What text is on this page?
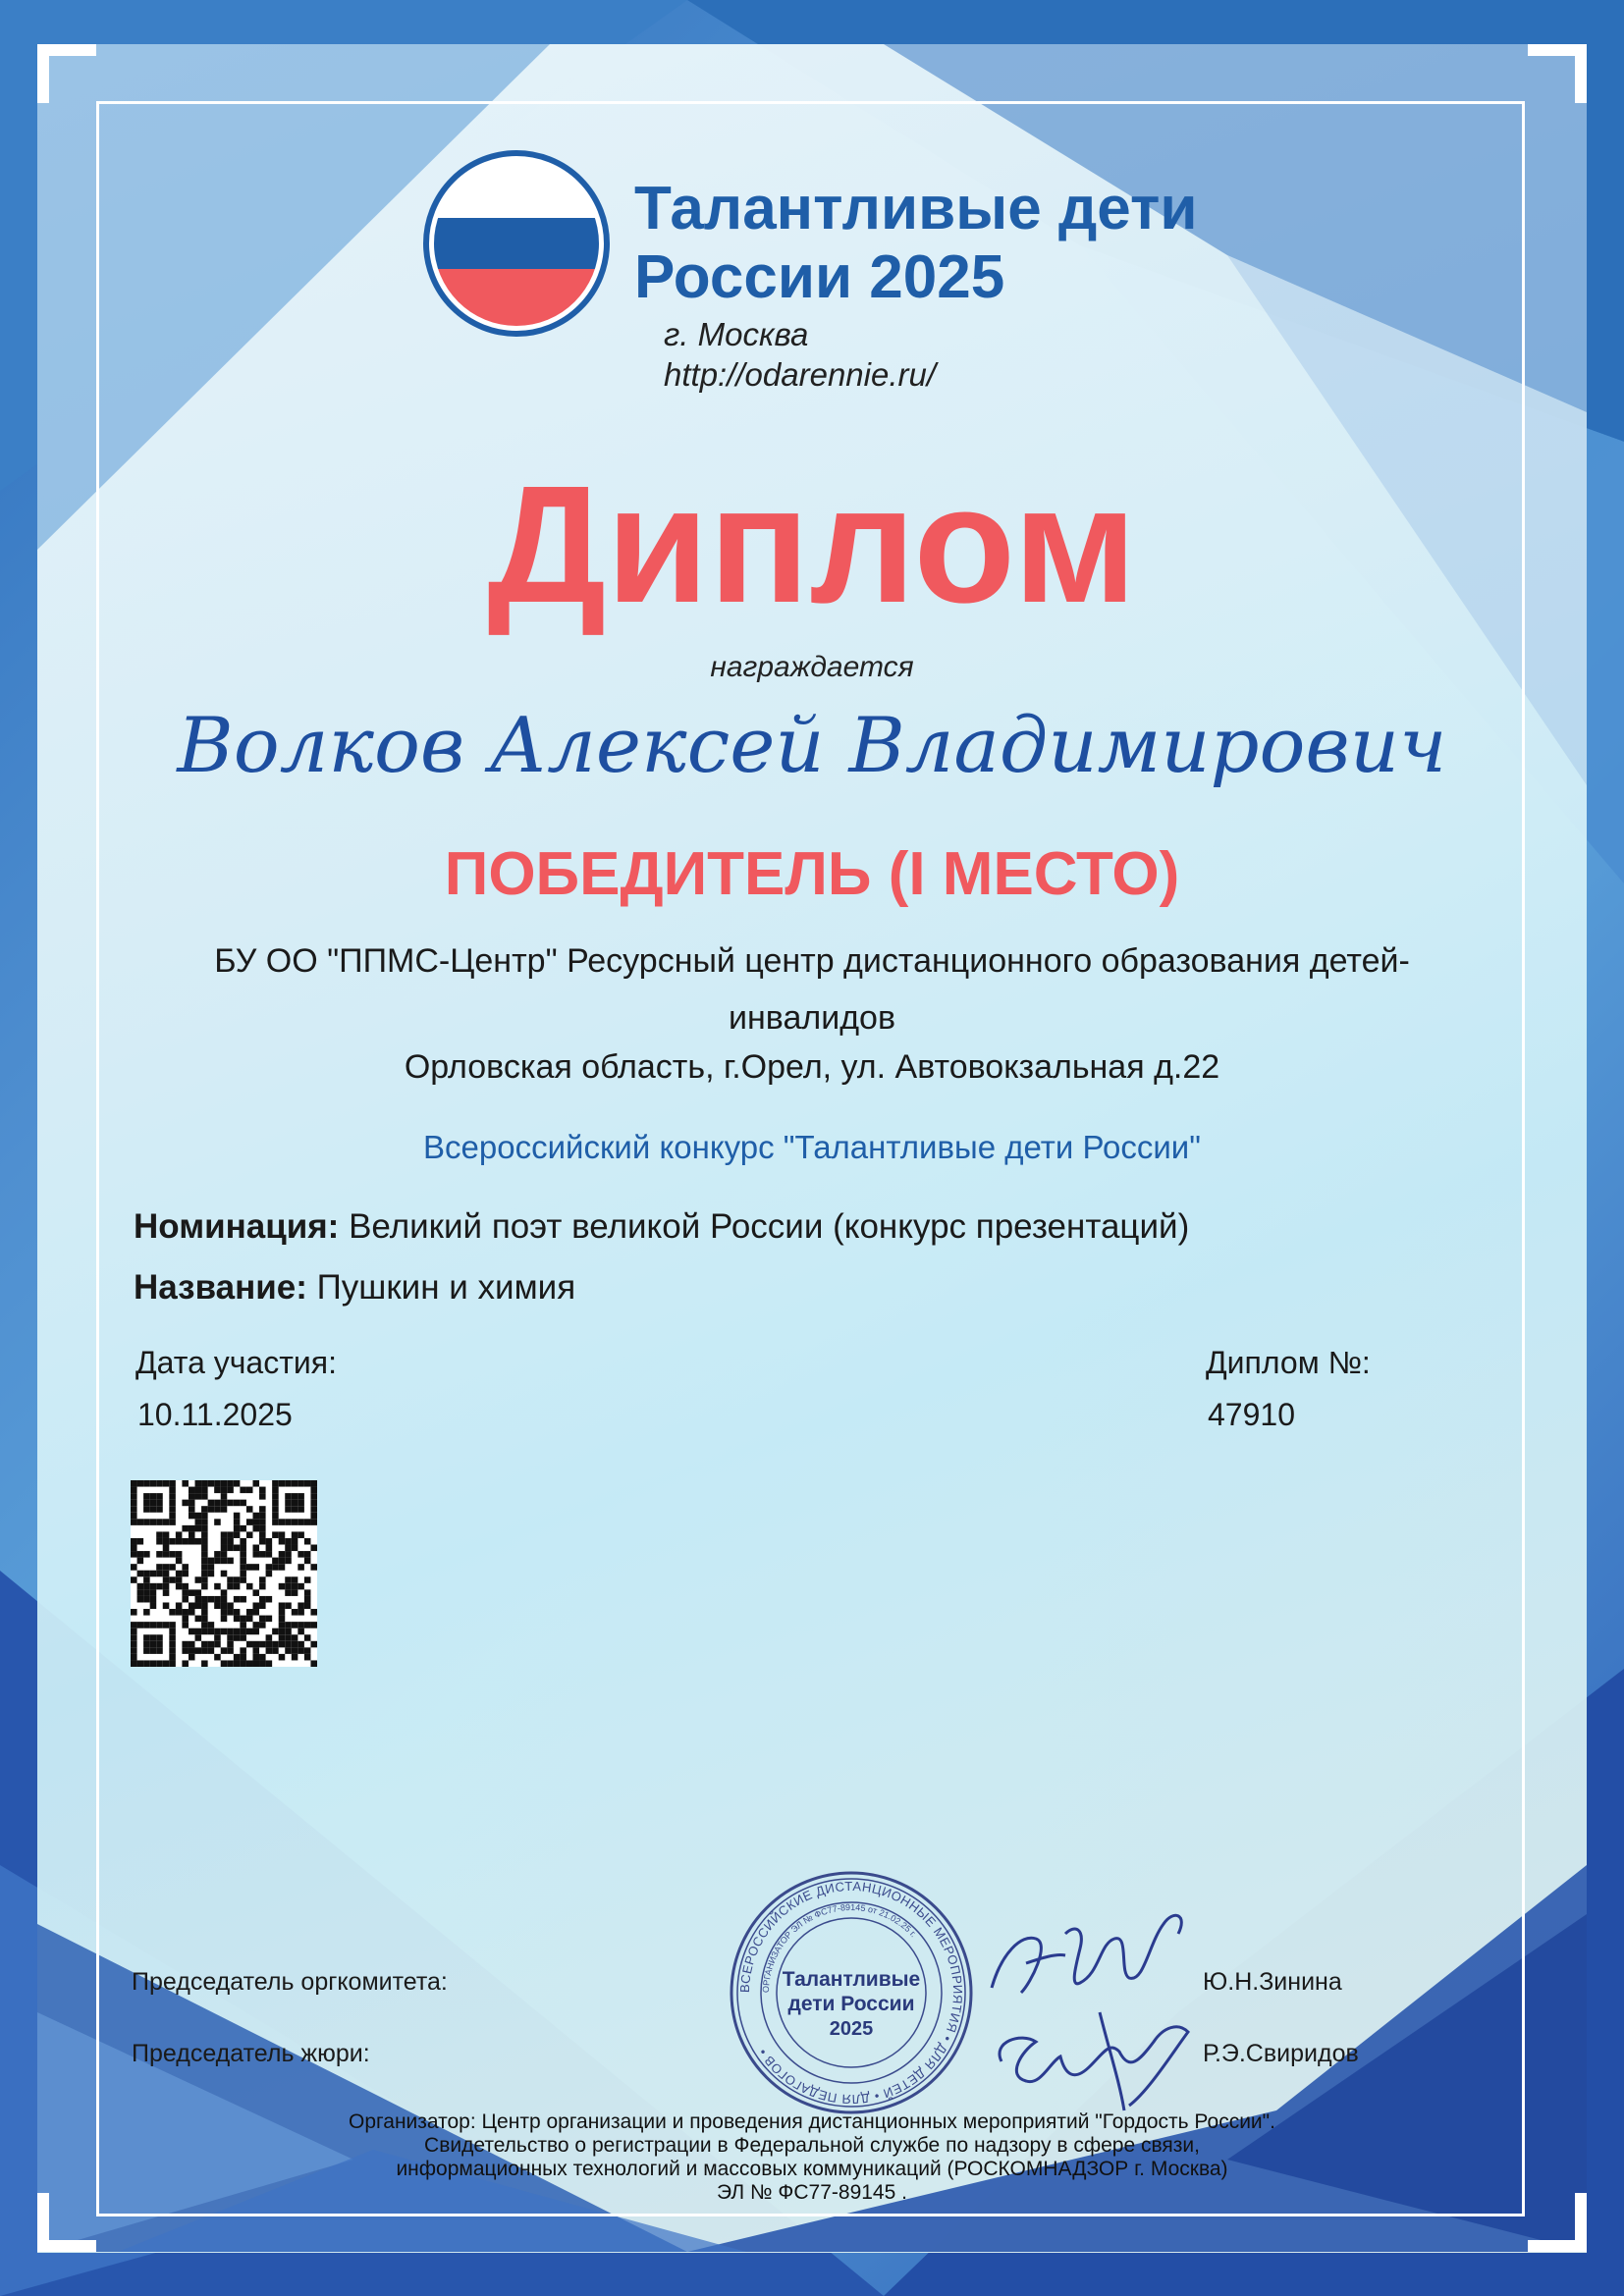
Талантливые дети
России 2025
г. Москва
http://odarennie.ru/
Диплом
награждается
Волков Алексей Владимирович
ПОБЕДИТЕЛЬ (I МЕСТО)
БУ ОО "ППМС-Центр" Ресурсный центр дистанционного образования детей-инвалидов
Орловская область, г.Орел, ул. Автовокзальная д.22
Всероссийский конкурс "Талантливые дети России"
Номинация: Великий поэт великой России (конкурс презентаций)
Название: Пушкин и химия
Дата участия:
10.11.2025
Диплом №:
47910
Председатель оргкомитета:
Председатель жюри:
ВСЕРОССИЙСКИЕ ДИСТАНЦИОННЫЕ МЕРОПРИЯТИЯ • ДЛЯ ДЕТЕЙ • ДЛЯ ПЕДАГОГОВ •
ОРГАНИЗАТОР ЭЛ № ФС77-89145 от 21.02.25 г.
Талантливые
дети России
2025
Ю.Н.Зинина
Р.Э.Свиридов
Организатор: Центр организации и проведения дистанционных мероприятий "Гордость России".
Свидетельство о регистрации в Федеральной службе по надзору в сфере связи,
информационных технологий и массовых коммуникаций (РОСКОМНАДЗОР г. Москва)
ЭЛ № ФС77-89145 .
